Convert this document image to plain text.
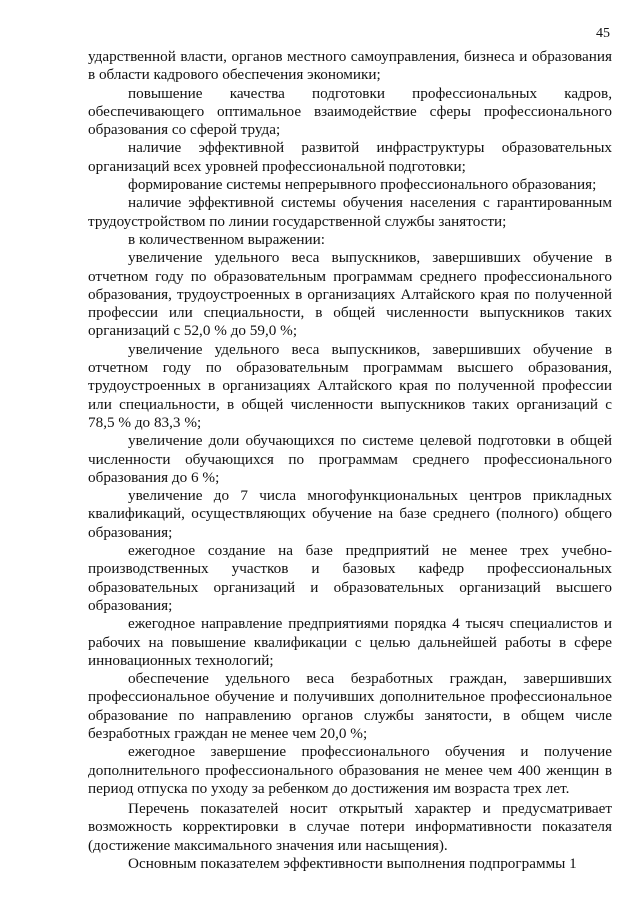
45

ударственной власти, органов местного самоуправления, бизнеса и образования в области кадрового обеспечения экономики;

повышение качества подготовки профессиональных кадров, обеспечивающего оптимальное взаимодействие сферы профессионального образования со сферой труда;

наличие эффективной развитой инфраструктуры образовательных организаций всех уровней профессиональной подготовки;

формирование системы непрерывного профессионального образования;

наличие эффективной системы обучения населения с гарантированным трудоустройством по линии государственной службы занятости;

в количественном выражении:

увеличение удельного веса выпускников, завершивших обучение в отчетном году по образовательным программам среднего профессионального образования, трудоустроенных в организациях Алтайского края по полученной профессии или специальности, в общей численности выпускников таких организаций с 52,0 % до 59,0 %;

увеличение удельного веса выпускников, завершивших обучение в отчетном году по образовательным программам высшего образования, трудоустроенных в организациях Алтайского края по полученной профессии или специальности, в общей численности выпускников таких организаций с 78,5 % до 83,3 %;

увеличение доли обучающихся по системе целевой подготовки в общей численности обучающихся по программам среднего профессионального образования до 6 %;

увеличение до 7 числа многофункциональных центров прикладных квалификаций, осуществляющих обучение на базе среднего (полного) общего образования;

ежегодное создание на базе предприятий не менее трех учебно-производственных участков и базовых кафедр профессиональных образовательных организаций и образовательных организаций высшего образования;

ежегодное направление предприятиями порядка 4 тысяч специалистов и рабочих на повышение квалификации с целью дальнейшей работы в сфере инновационных технологий;

обеспечение удельного веса безработных граждан, завершивших профессиональное обучение и получивших дополнительное профессиональное образование по направлению органов службы занятости, в общем числе безработных граждан не менее чем 20,0 %;

ежегодное завершение профессионального обучения и получение дополнительного профессионального образования не менее чем 400 женщин в период отпуска по уходу за ребенком до достижения им возраста трех лет.

Перечень показателей носит открытый характер и предусматривает возможность корректировки в случае потери информативности показателя (достижение максимального значения или насыщения).

Основным показателем эффективности выполнения подпрограммы 1
